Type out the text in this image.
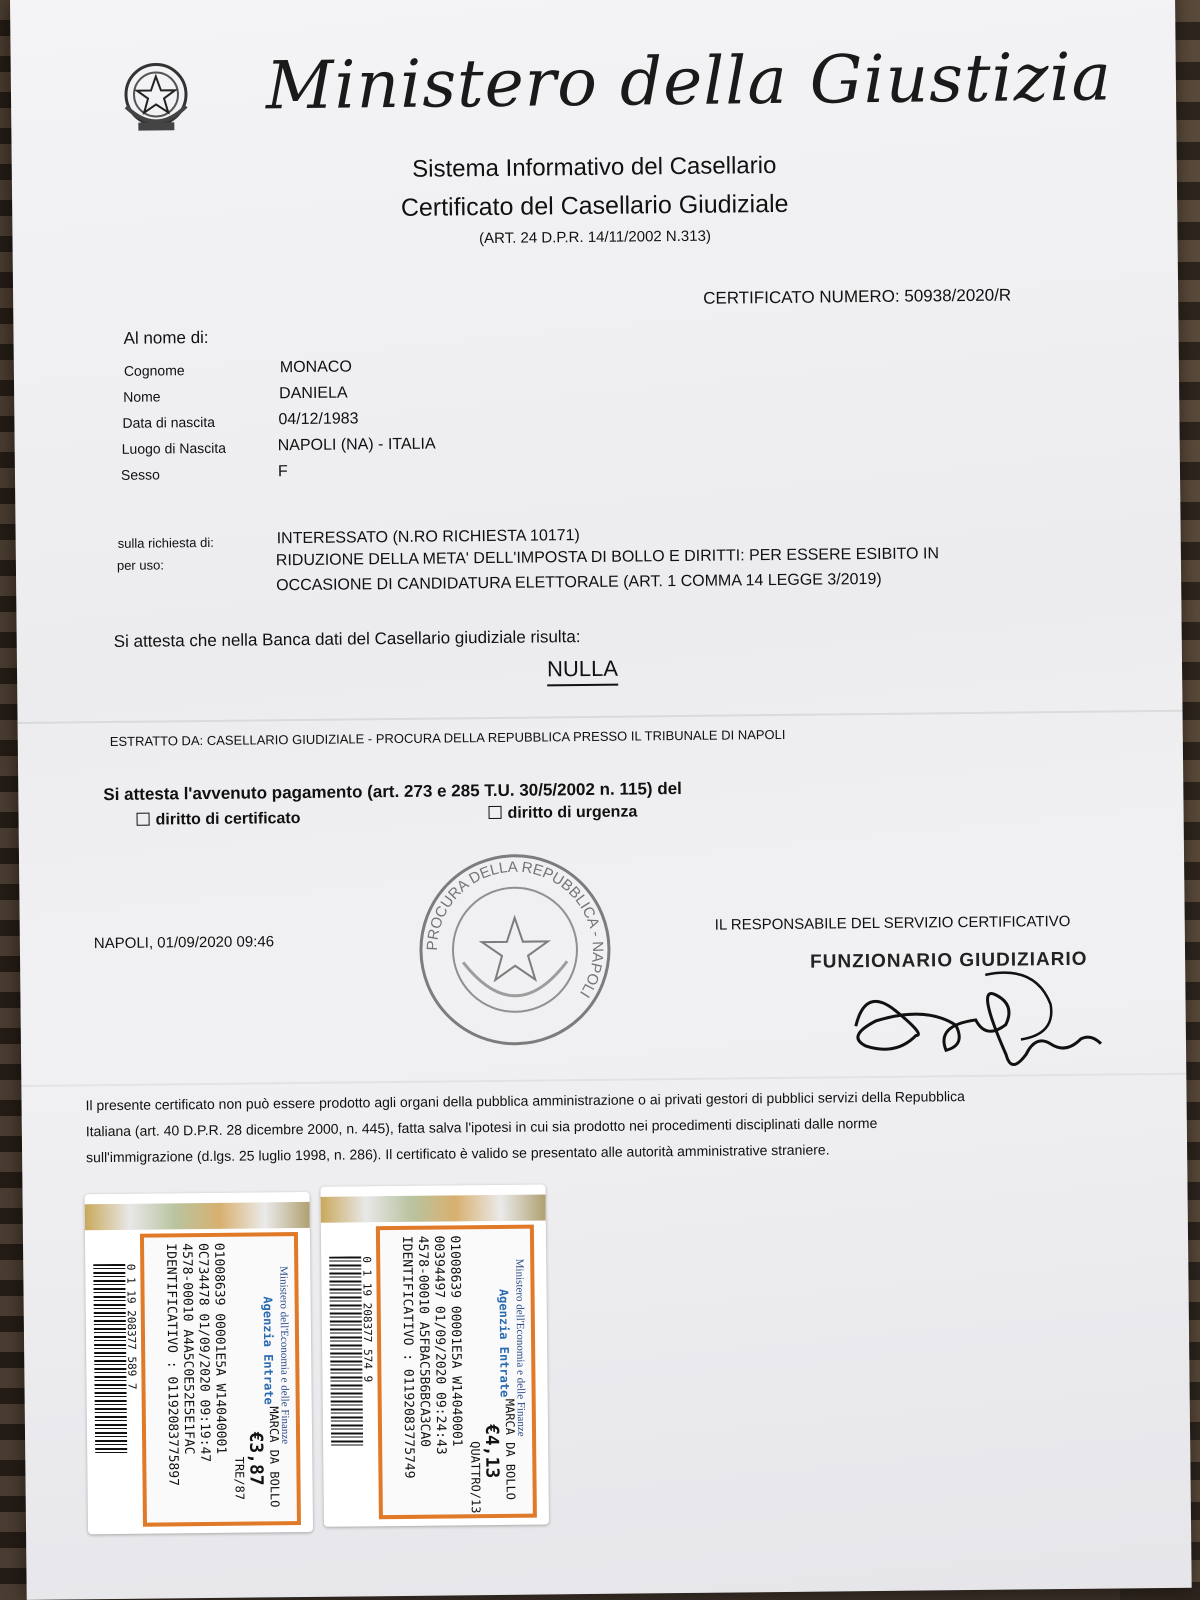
Ministero della Giustizia
Sistema Informativo del Casellario
Certificato del Casellario Giudiziale
(ART. 24 D.P.R. 14/11/2002 N.313)
CERTIFICATO NUMERO: 50938/2020/R
Al nome di:
Cognome	MONACO
Nome	DANIELA
Data di nascita	04/12/1983
Luogo di Nascita	NAPOLI (NA) - ITALIA
Sesso	F
sulla richiesta di:	INTERESSATO (N.RO RICHIESTA 10171)
per uso:	RIDUZIONE DELLA META' DELL'IMPOSTA DI BOLLO E DIRITTI: PER ESSERE ESIBITO IN
OCCASIONE DI CANDIDATURA ELETTORALE (ART. 1 COMMA 14 LEGGE 3/2019)
Si attesta che nella Banca dati del Casellario giudiziale risulta:
NULLA
ESTRATTO DA: CASELLARIO GIUDIZIALE - PROCURA DELLA REPUBBLICA PRESSO IL TRIBUNALE DI NAPOLI
Si attesta l'avvenuto pagamento (art. 273 e 285 T.U. 30/5/2002 n. 115) del
diritto di certificato	diritto di urgenza
PROCURA DELLA REPUBBLICA - NAPOLI
NAPOLI, 01/09/2020 09:46
IL RESPONSABILE DEL SERVIZIO CERTIFICATIVO
FUNZIONARIO GIUDIZIARIO
Il presente certificato non può essere prodotto agli organi della pubblica amministrazione o ai privati gestori di pubblici servizi della Repubblica
Italiana (art. 40 D.P.R. 28 dicembre 2000, n. 445), fatta salva l'ipotesi in cui sia prodotto nei procedimenti disciplinati dalle norme
sull'immigrazione (d.lgs. 25 luglio 1998, n. 286). Il certificato è valido se presentato alle autorità amministrative straniere.
0 1 19 208377 589 7	Ministero dell'Economia e delle Finanze
Agenzia Entrate
MARCA DA BOLLO
€3,87
TRE/87
01008639 00001E5A W14040001
0C734478 01/09/2020 09:19:47
4578-00010 A4A5C0E52E5E1FAC
IDENTIFICATIVO : 01192083775897	0 1 19 208377 574 9	Ministero dell'Economia e delle Finanze
Agenzia Entrate
MARCA DA BOLLO
€4,13
QUATTRO/13
01008639 00001E5A W14040001
00394497 01/09/2020 09:24:43
4578-00010 A5FBAC5B6BCA3CA0
IDENTIFICATIVO : 01192083775749
